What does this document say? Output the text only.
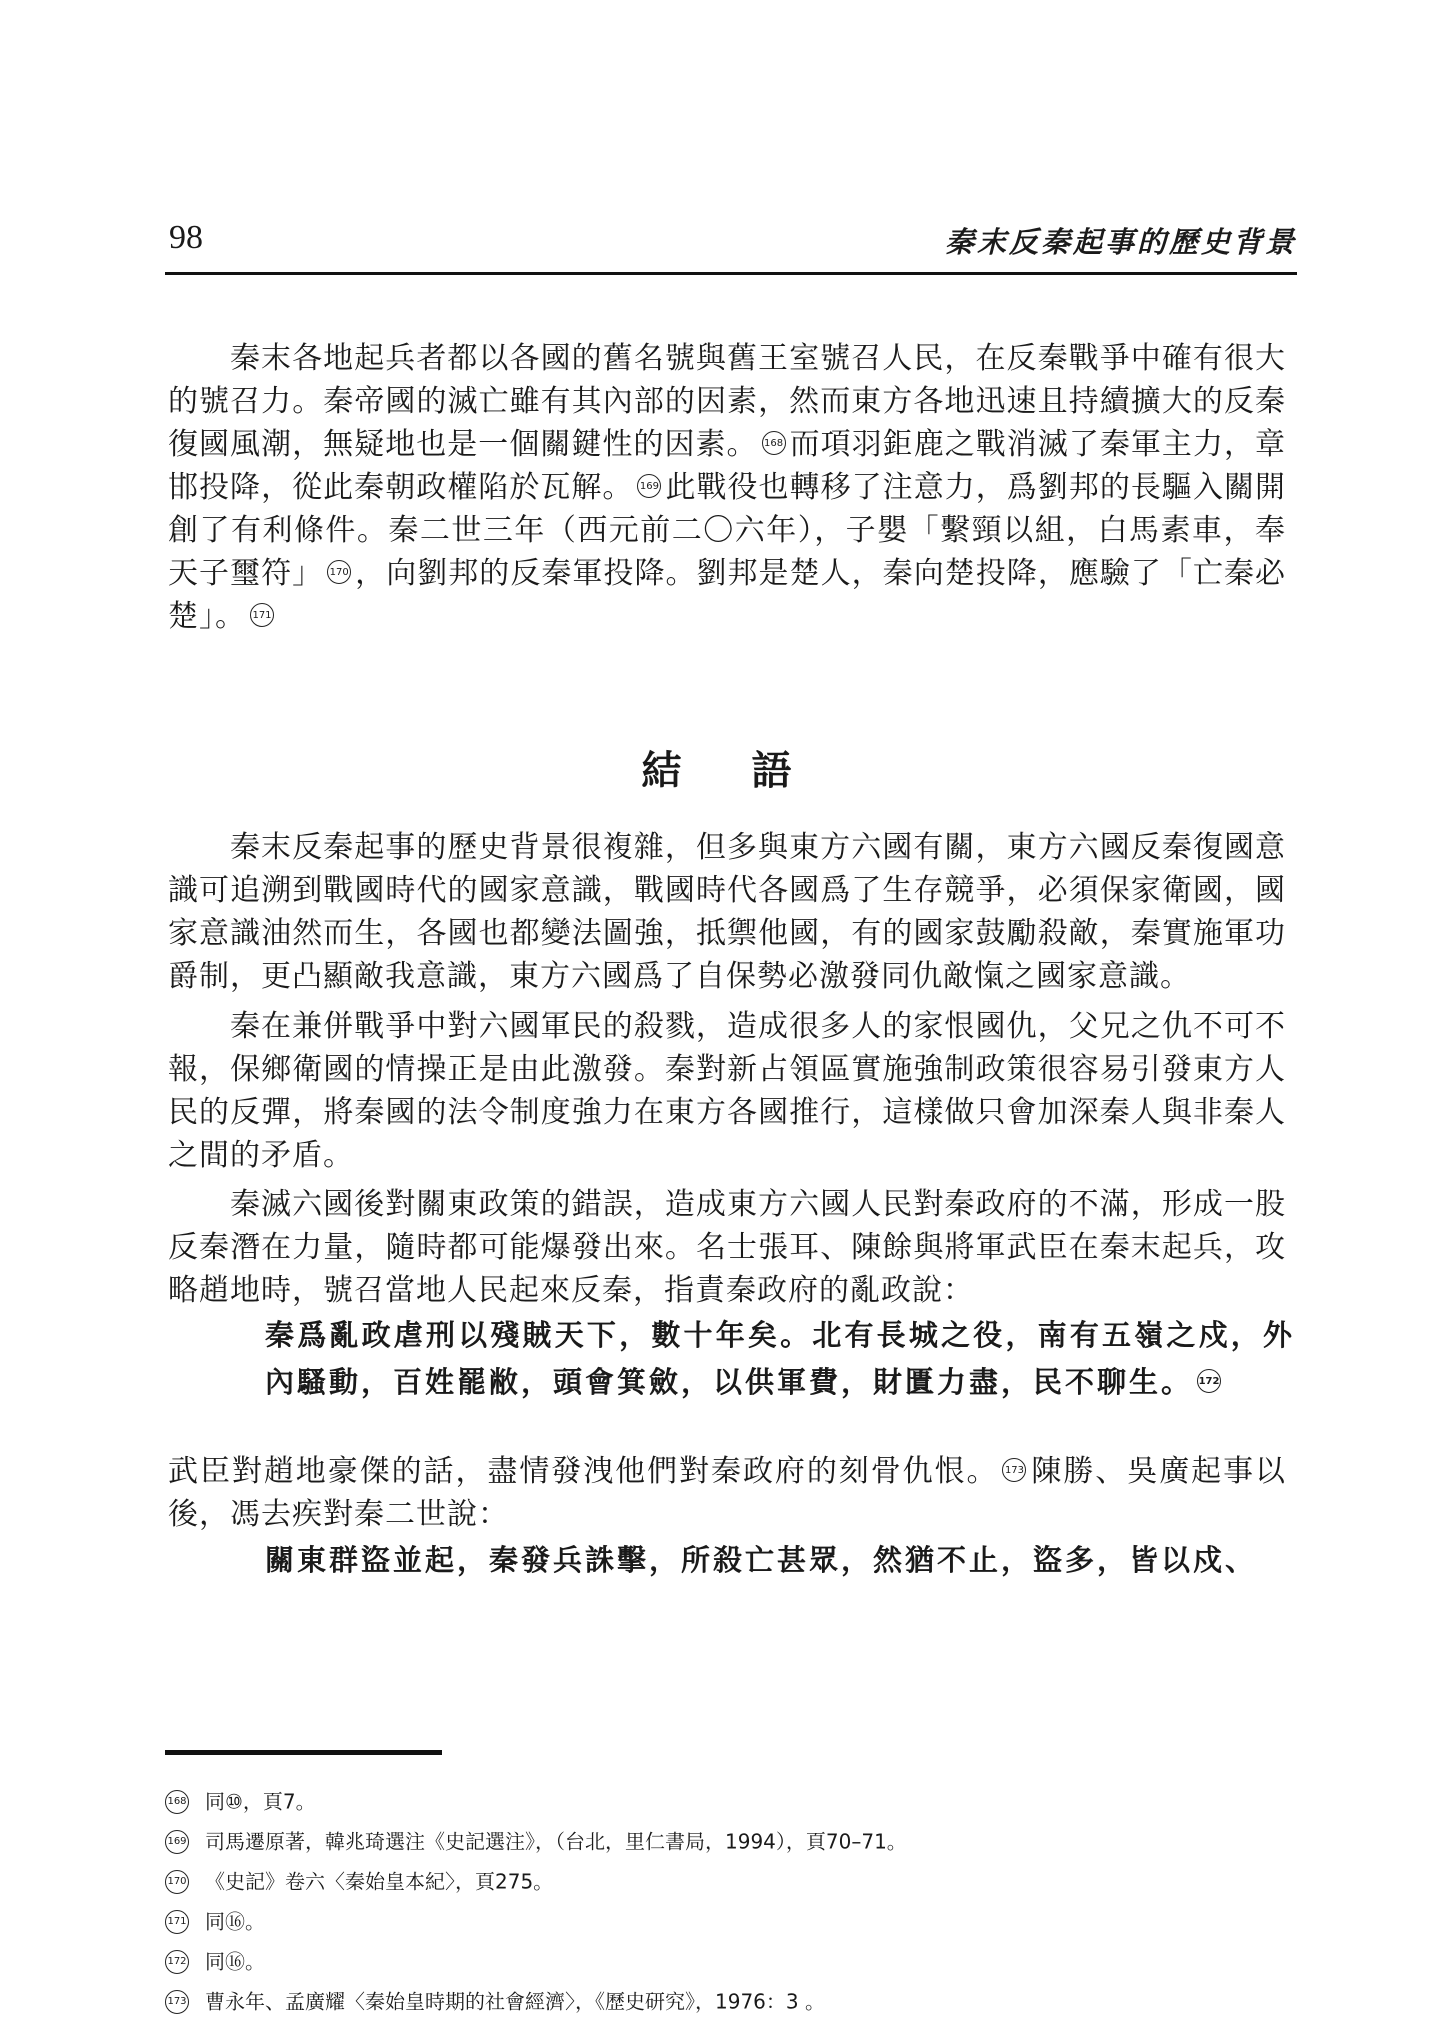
98	秦末反秦起事的歷史背景

秦末各地起兵者都以各國的舊名號與舊王室號召人民，在反秦戰爭中確有很大的號召力。秦帝國的滅亡雖有其內部的因素，然而東方各地迅速且持續擴大的反秦復國風潮，無疑地也是一個關鍵性的因素。 168 而項羽鉅鹿之戰消滅了秦軍主力，章邯投降，從此秦朝政權陷於瓦解。 169 此戰役也轉移了注意力，爲劉邦的長驅入關開創了有利條件。秦二世三年（西元前二〇六年），子嬰「繫頸以組，白馬素車，奉天子璽符」 170 ，向劉邦的反秦軍投降。劉邦是楚人，秦向楚投降，應驗了「亡秦必楚」。 171

結語

秦末反秦起事的歷史背景很複雜，但多與東方六國有關，東方六國反秦復國意識可追溯到戰國時代的國家意識，戰國時代各國爲了生存競爭，必須保家衛國，國家意識油然而生，各國也都變法圖強，抵禦他國，有的國家鼓勵殺敵，秦實施軍功爵制，更凸顯敵我意識，東方六國爲了自保勢必激發同仇敵愾之國家意識。

秦在兼併戰爭中對六國軍民的殺戮，造成很多人的家恨國仇，父兄之仇不可不報，保鄉衛國的情操正是由此激發。秦對新占領區實施強制政策很容易引發東方人民的反彈，將秦國的法令制度強力在東方各國推行，這樣做只會加深秦人與非秦人之間的矛盾。

秦滅六國後對關東政策的錯誤，造成東方六國人民對秦政府的不滿，形成一股反秦潛在力量，隨時都可能爆發出來。名士張耳、陳餘與將軍武臣在秦末起兵，攻略趙地時，號召當地人民起來反秦，指責秦政府的亂政說：

秦爲亂政虐刑以殘賊天下，數十年矣。北有長城之役，南有五嶺之戍，外內騷動，百姓罷敝，頭會箕斂，以供軍費，財匱力盡，民不聊生。 172

武臣對趙地豪傑的話，盡情發洩他們對秦政府的刻骨仇恨。 173 陳勝、吳廣起事以後，馮去疾對秦二世說：

關東群盜並起，秦發兵誅擊，所殺亡甚眾，然猶不止，盜多，皆以戍、

168 同⑩，頁7。
169 司馬遷原著，韓兆琦選注《史記選注》，（台北，里仁書局，1994），頁70–71。
170 《史記》卷六〈秦始皇本紀〉，頁275。
171 同⑯。
172 同⑯。
173 曹永年、孟廣耀〈秦始皇時期的社會經濟〉，《歷史研究》，1976：3 。
